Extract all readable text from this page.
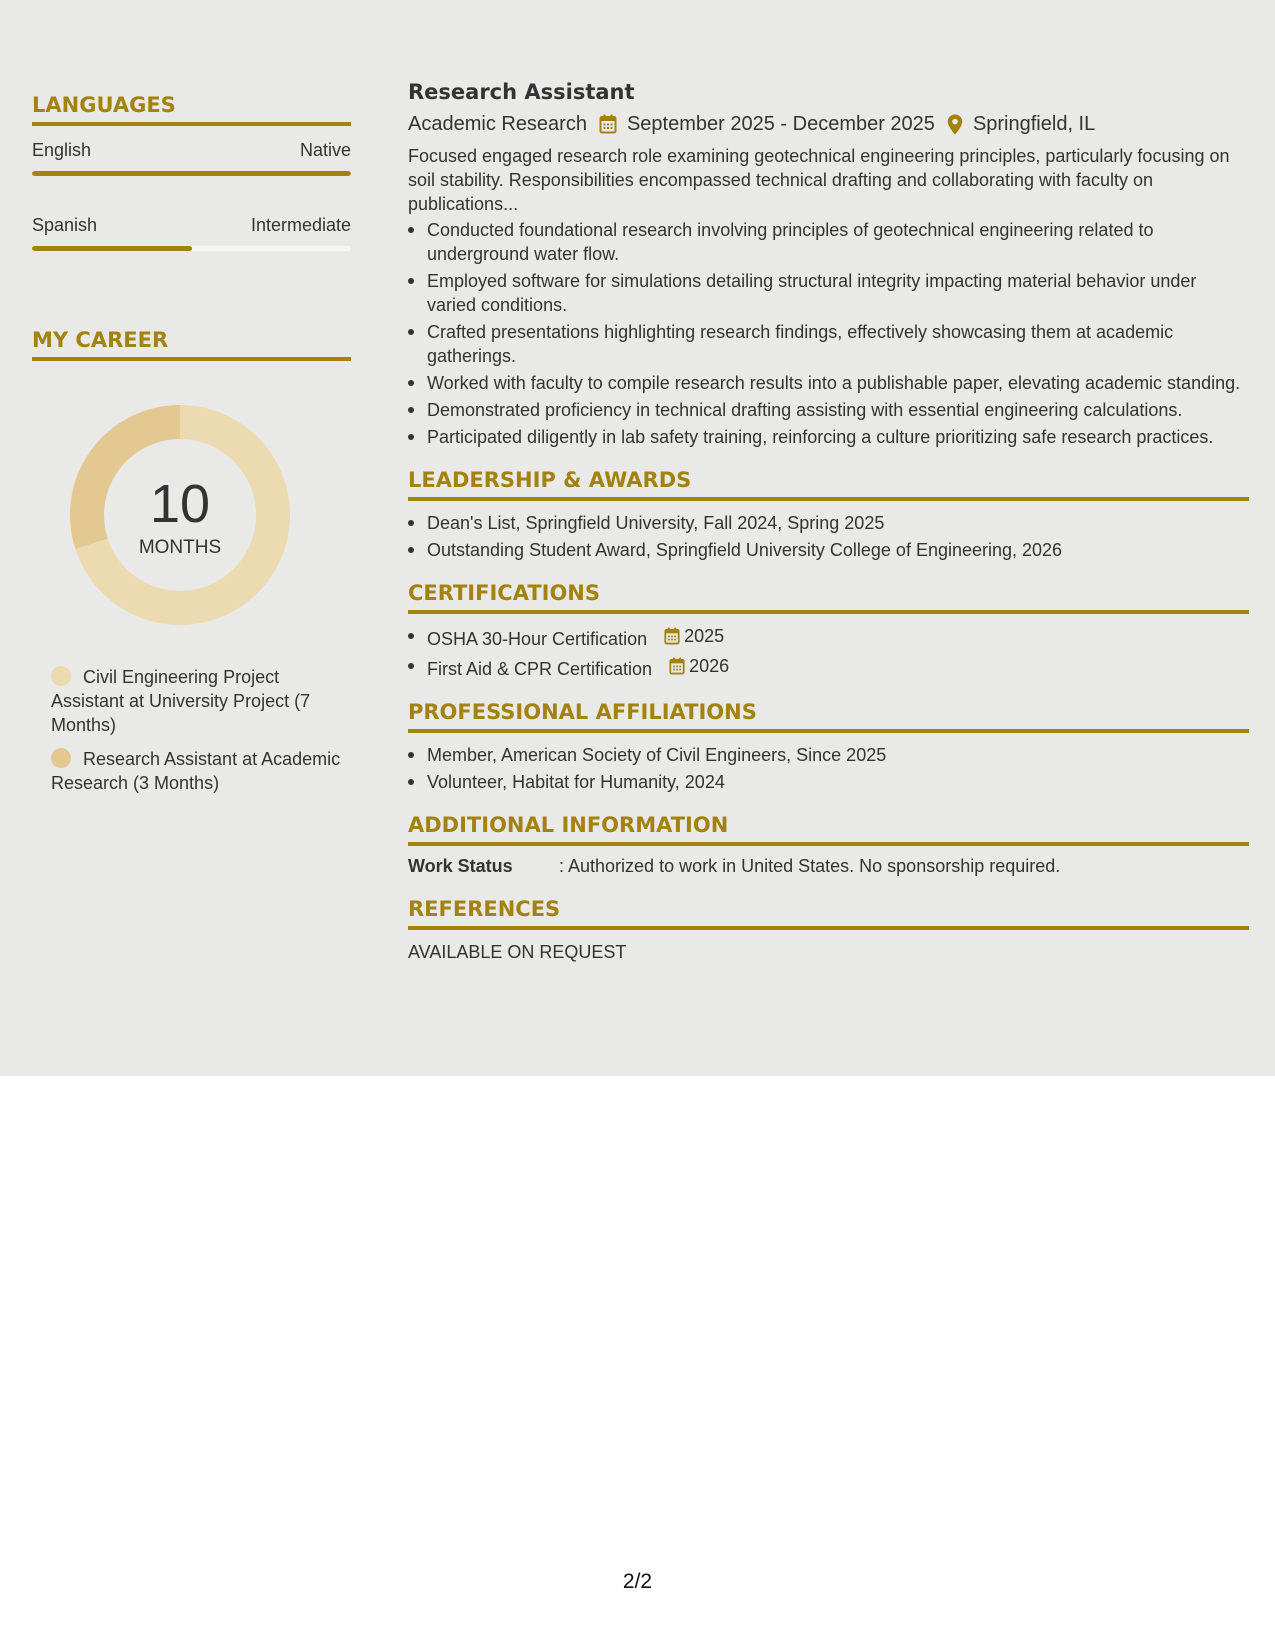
LANGUAGES
English	Native
Spanish	Intermediate
MY CAREER
10
MONTHS
Civil Engineering Project Assistant at University Project (7 Months)
Research Assistant at Academic Research (3 Months)
Research Assistant
Academic Research September 2025 - December 2025 Springfield, IL

Focused engaged research role examining geotechnical engineering principles, particularly focusing on soil stability. Responsibilities encompassed technical drafting and collaborating with faculty on publications...

Conducted foundational research involving principles of geotechnical engineering related to underground water flow.
Employed software for simulations detailing structural integrity impacting material behavior under varied conditions.
Crafted presentations highlighting research findings, effectively showcasing them at academic gatherings.
Worked with faculty to compile research results into a publishable paper, elevating academic standing.
Demonstrated proficiency in technical drafting assisting with essential engineering calculations.
Participated diligently in lab safety training, reinforcing a culture prioritizing safe research practices.
LEADERSHIP & AWARDS
Dean's List, Springfield University, Fall 2024, Spring 2025
Outstanding Student Award, Springfield University College of Engineering, 2026
CERTIFICATIONS
OSHA 30-Hour Certification 2025
First Aid & CPR Certification 2026
PROFESSIONAL AFFILIATIONS
Member, American Society of Civil Engineers, Since 2025
Volunteer, Habitat for Humanity, 2024
ADDITIONAL INFORMATION
Work Status	: Authorized to work in United States. No sponsorship required.
REFERENCES
AVAILABLE ON REQUEST
2/2
